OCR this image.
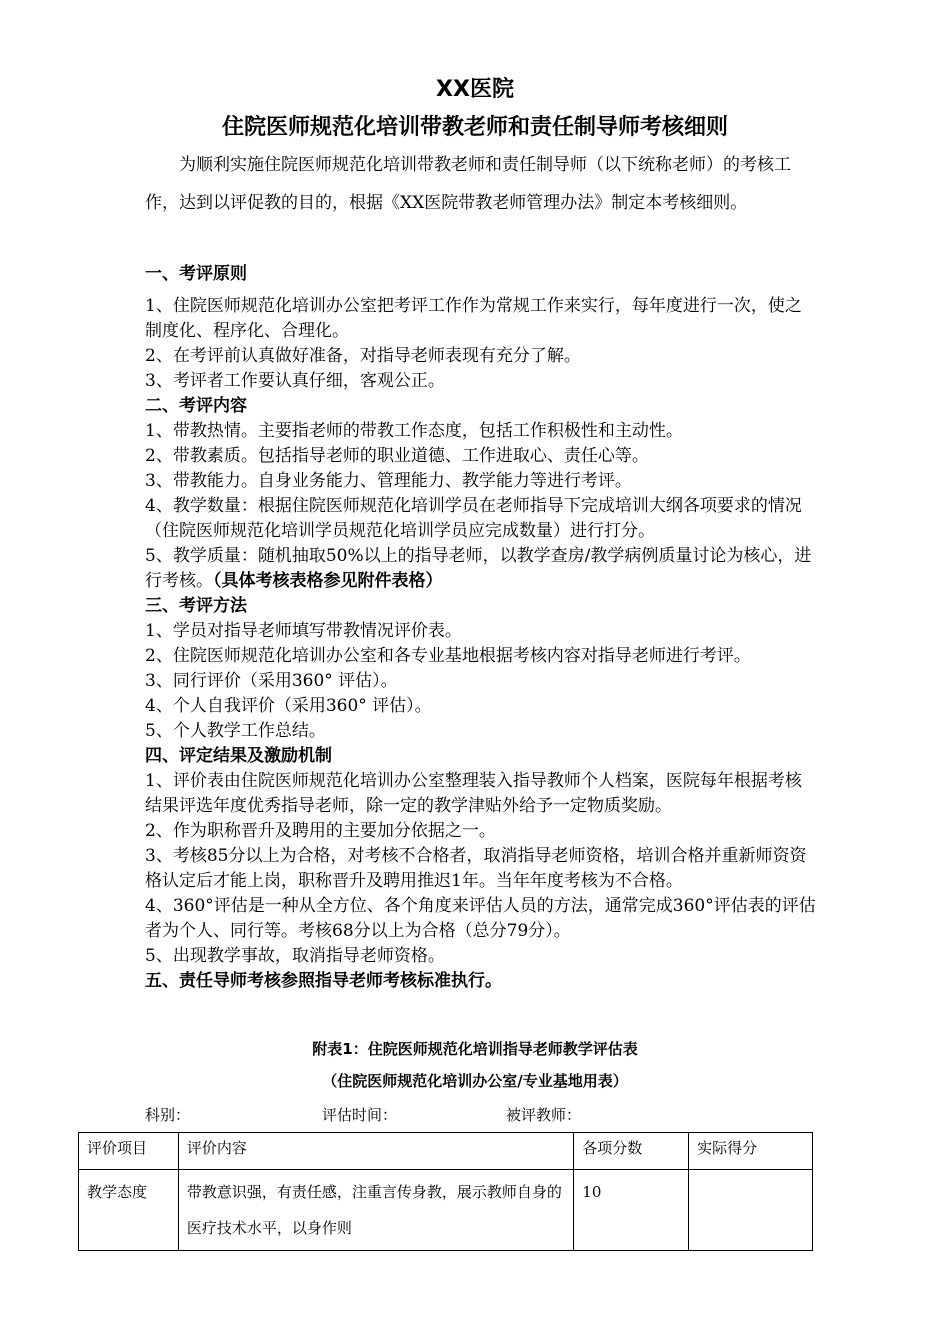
XX医院
住院医师规范化培训带教老师和责任制导师考核细则
为顺利实施住院医师规范化培训带教老师和责任制导师（以下统称老师）的考核工作，达到以评促教的目的，根据《XX医院带教老师管理办法》制定本考核细则。

一、考评原则

1、住院医师规范化培训办公室把考评工作作为常规工作来实行，每年度进行一次，使之制度化、程序化、合理化。

2、在考评前认真做好准备，对指导老师表现有充分了解。

3、考评者工作要认真仔细，客观公正。

二、考评内容

1、带教热情。主要指老师的带教工作态度，包括工作积极性和主动性。

2、带教素质。包括指导老师的职业道德、工作进取心、责任心等。

3、带教能力。自身业务能力、管理能力、教学能力等进行考评。

4、教学数量：根据住院医师规范化培训学员在老师指导下完成培训大纲各项要求的情况（住院医师规范化培训学员规范化培训学员应完成数量）进行打分。

5、教学质量：随机抽取50%以上的指导老师，以教学查房/教学病例质量讨论为核心，进行考核。（具体考核表格参见附件表格）

三、考评方法

1、学员对指导老师填写带教情况评价表。

2、住院医师规范化培训办公室和各专业基地根据考核内容对指导老师进行考评。

3、同行评价（采用360° 评估）。

4、个人自我评价（采用360° 评估）。

5、个人教学工作总结。

四、评定结果及激励机制

1、评价表由住院医师规范化培训办公室整理装入指导教师个人档案，医院每年根据考核结果评选年度优秀指导老师，除一定的教学津贴外给予一定物质奖励。

2、作为职称晋升及聘用的主要加分依据之一。

3、考核85分以上为合格，对考核不合格者，取消指导老师资格，培训合格并重新师资资格认定后才能上岗，职称晋升及聘用推迟1年。当年年度考核为不合格。

4、360°评估是一种从全方位、各个角度来评估人员的方法，通常完成360°评估表的评估者为个人、同行等。考核68分以上为合格（总分79分）。

5、出现教学事故，取消指导老师资格。

五、责任导师考核参照指导老师考核标准执行。

附表1：住院医师规范化培训指导老师教学评估表
（住院医师规范化培训办公室/专业基地用表）
科别：	评估时间：	被评教师：
评价项目	评价内容	各项分数	实际得分
教学态度	带教意识强，有责任感，注重言传身教，展示教师自身的医疗技术水平，以身作则	10	
